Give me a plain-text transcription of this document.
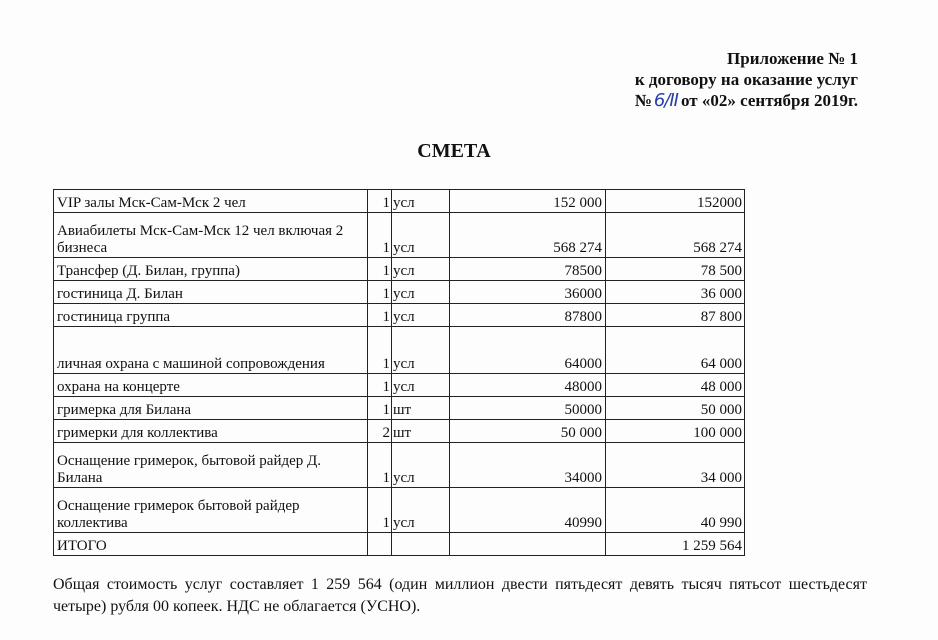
Приложение № 1
к договору на оказание услуг
№ 6/II от «02» сентября 2019г.
СМЕТА
VIP залы Мск-Сам-Мск 2 чел	1	усл	152 000	152000
Авиабилеты Мск-Сам-Мск 12 чел включая 2 бизнеса	1	усл	568 274	568 274
Трансфер (Д. Билан, группа)	1	усл	78500	78 500
гостиница Д. Билан	1	усл	36000	36 000
гостиница группа	1	усл	87800	87 800
личная охрана с машиной сопровождения	1	усл	64000	64 000
охрана на концерте	1	усл	48000	48 000
гримерка для Билана	1	шт	50000	50 000
гримерки для коллектива	2	шт	50 000	100 000
Оснащение гримерок, бытовой райдер Д. Билана	1	усл	34000	34 000
Оснащение гримерок бытовой райдер коллектива	1	усл	40990	40 990
ИТОГО				1 259 564
Общая стоимость услуг составляет 1 259 564 (один миллион двести пятьдесят девять тысяч пятьсот шестьдесят четыре) рубля 00 копеек. НДС не облагается (УСНО).
